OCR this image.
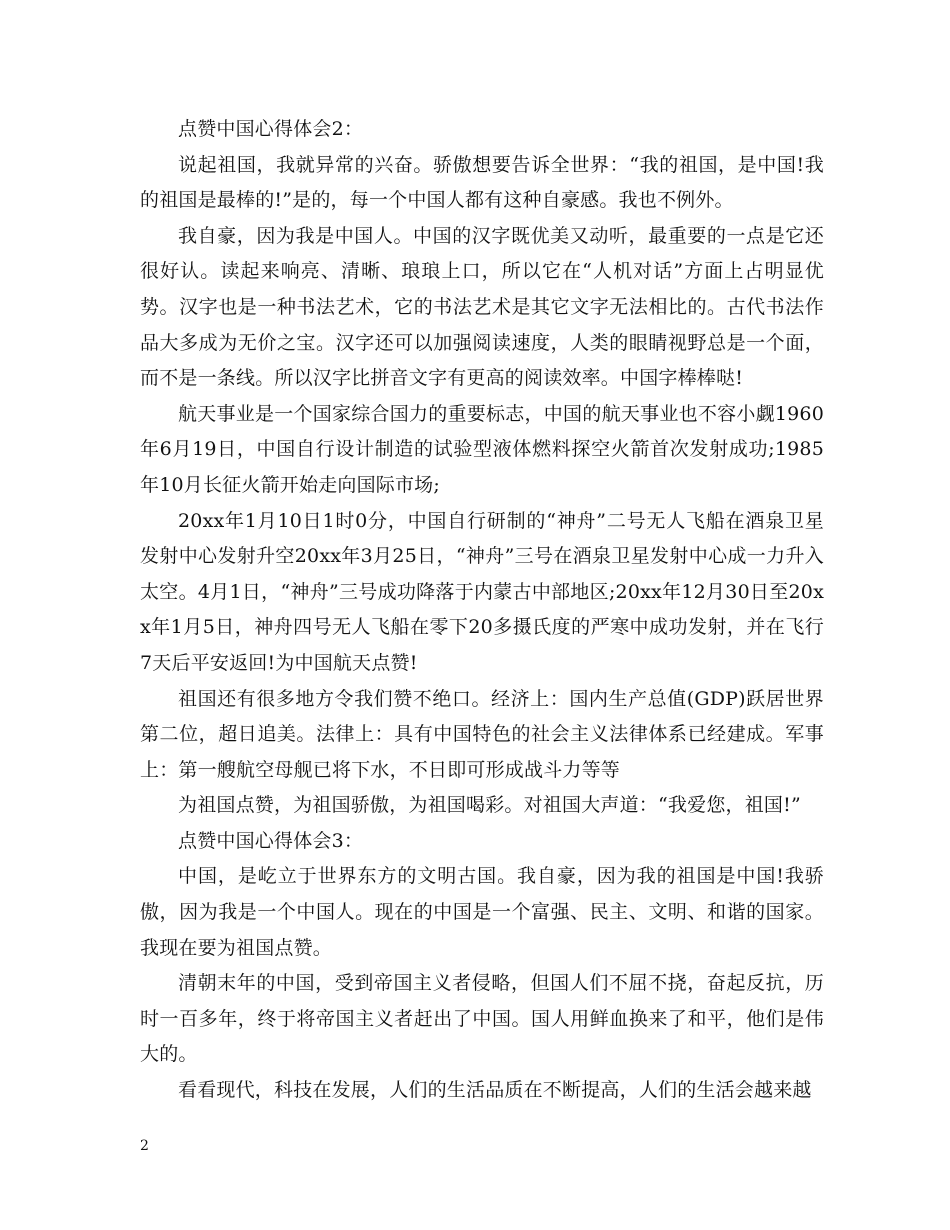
点赞中国心得体会2：

说起祖国，我就异常的兴奋。骄傲想要告诉全世界：“我的祖国，是中国!我的祖国是最棒的!”是的，每一个中国人都有这种自豪感。我也不例外。

我自豪，因为我是中国人。中国的汉字既优美又动听，最重要的一点是它还很好认。读起来响亮、清晰、琅琅上口，所以它在“人机对话”方面上占明显优势。汉字也是一种书法艺术，它的书法艺术是其它文字无法相比的。古代书法作品大多成为无价之宝。汉字还可以加强阅读速度，人类的眼睛视野总是一个面，而不是一条线。所以汉字比拼音文字有更高的阅读效率。中国字棒棒哒!

航天事业是一个国家综合国力的重要标志，中国的航天事业也不容小觑1960年6月19日，中国自行设计制造的试验型液体燃料探空火箭首次发射成功;1985年10月长征火箭开始走向国际市场;

20xx年1月10日1时0分，中国自行研制的“神舟”二号无人飞船在酒泉卫星发射中心发射升空20xx年3月25日，“神舟”三号在酒泉卫星发射中心成一力升入太空。4月1日，“神舟”三号成功降落于内蒙古中部地区;20xx年12月30日至20xx年1月5日，神舟四号无人飞船在零下20多摄氏度的严寒中成功发射，并在飞行7天后平安返回!为中国航天点赞!

祖国还有很多地方令我们赞不绝口。经济上：国内生产总值(GDP)跃居世界第二位，超日追美。法律上：具有中国特色的社会主义法律体系已经建成。军事上：第一艘航空母舰已将下水，不日即可形成战斗力等等

为祖国点赞，为祖国骄傲，为祖国喝彩。对祖国大声道：“我爱您，祖国!”

点赞中国心得体会3：

中国，是屹立于世界东方的文明古国。我自豪，因为我的祖国是中国!我骄傲，因为我是一个中国人。现在的中国是一个富强、民主、文明、和谐的国家。我现在要为祖国点赞。

清朝末年的中国，受到帝国主义者侵略，但国人们不屈不挠，奋起反抗，历时一百多年，终于将帝国主义者赶出了中国。国人用鲜血换来了和平，他们是伟大的。

看看现代，科技在发展，人们的生活品质在不断提高，人们的生活会越来越

2
